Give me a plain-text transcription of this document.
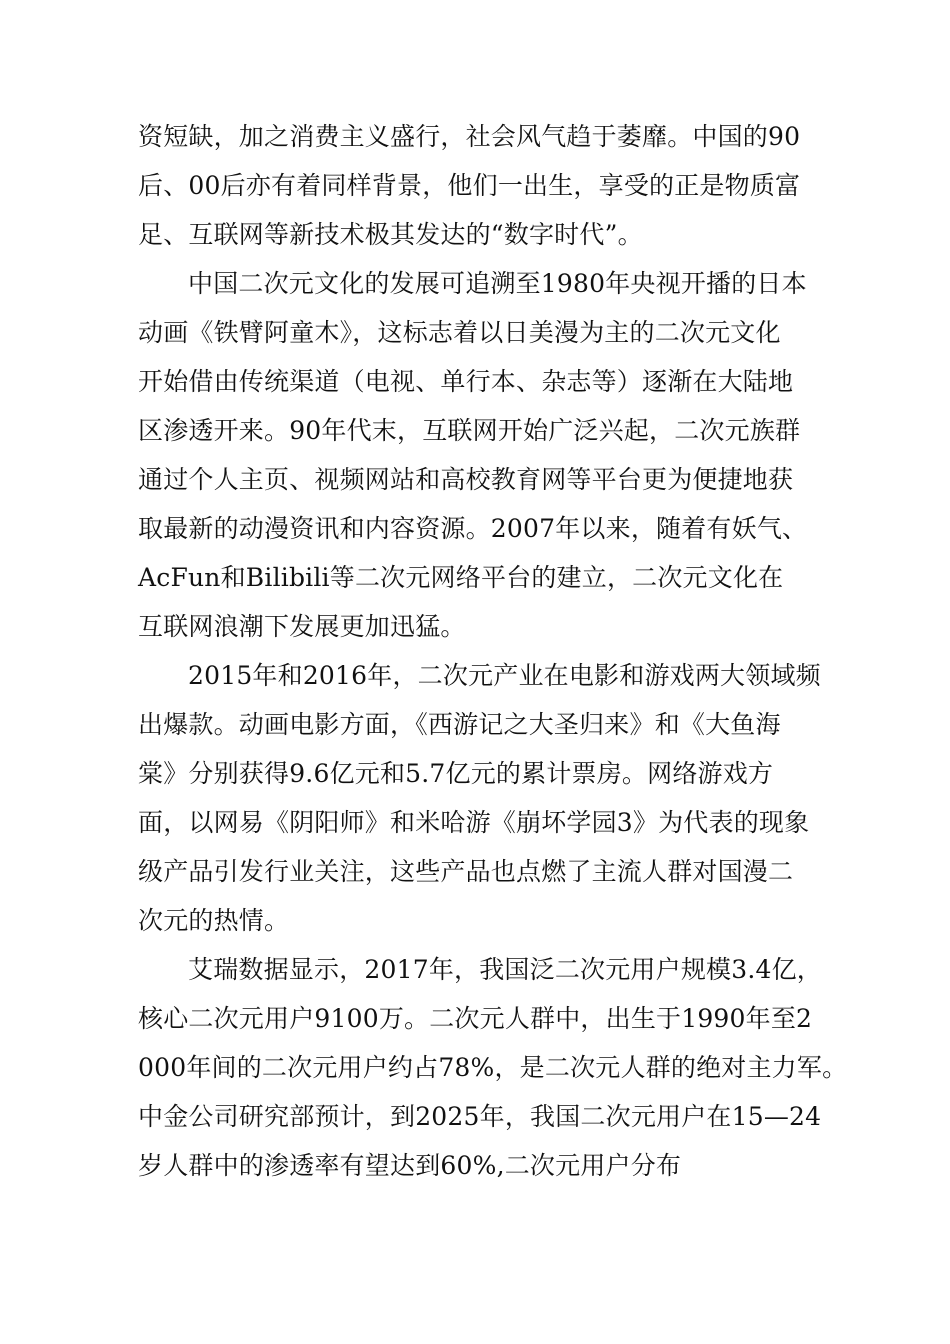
资短缺，加之消费主义盛行，社会风气趋于萎靡。中国的90
后、00后亦有着同样背景，他们一出生，享受的正是物质富
足、互联网等新技术极其发达的“数字时代”。
中国二次元文化的发展可追溯至1980年央视开播的日本
动画《铁臂阿童木》，这标志着以日美漫为主的二次元文化
开始借由传统渠道（电视、单行本、杂志等）逐渐在大陆地
区渗透开来。90年代末，互联网开始广泛兴起，二次元族群
通过个人主页、视频网站和高校教育网等平台更为便捷地获
取最新的动漫资讯和内容资源。2007年以来，随着有妖气、
AcFun和Bilibili等二次元网络平台的建立，二次元文化在
互联网浪潮下发展更加迅猛。
2015年和2016年，二次元产业在电影和游戏两大领域频
出爆款。动画电影方面，《西游记之大圣归来》和《大鱼海
棠》分别获得9.6亿元和5.7亿元的累计票房。网络游戏方
面，以网易《阴阳师》和米哈游《崩坏学园3》为代表的现象
级产品引发行业关注，这些产品也点燃了主流人群对国漫二
次元的热情。
艾瑞数据显示，2017年，我国泛二次元用户规模3.4亿，
核心二次元用户9100万。二次元人群中，出生于1990年至2
000年间的二次元用户约占78%，是二次元人群的绝对主力军。
中金公司研究部预计，到2025年，我国二次元用户在15—24
岁人群中的渗透率有望达到60%,二次元用户分布
